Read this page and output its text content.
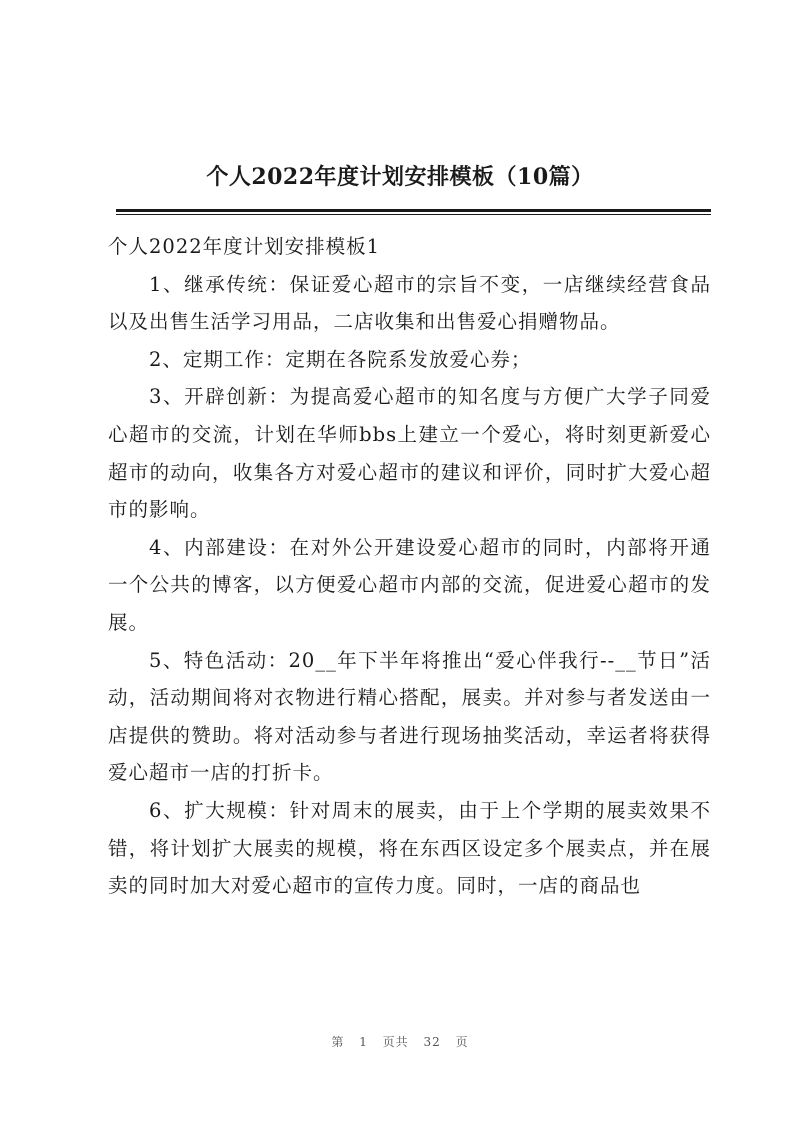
个人2022年度计划安排模板（10篇）

个人2022年度计划安排模板1

1、继承传统：保证爱心超市的宗旨不变，一店继续经营食品以及出售生活学习用品，二店收集和出售爱心捐赠物品。

2、定期工作：定期在各院系发放爱心券；

3、开辟创新：为提高爱心超市的知名度与方便广大学子同爱心超市的交流，计划在华师bbs上建立一个爱心，将时刻更新爱心超市的动向，收集各方对爱心超市的建议和评价，同时扩大爱心超市的影响。

4、内部建设：在对外公开建设爱心超市的同时，内部将开通一个公共的博客，以方便爱心超市内部的交流，促进爱心超市的发展。

5、特色活动：20__年下半年将推出“爱心伴我行--__节日”活动，活动期间将对衣物进行精心搭配，展卖。并对参与者发送由一店提供的赞助。将对活动参与者进行现场抽奖活动，幸运者将获得爱心超市一店的打折卡。

6、扩大规模：针对周末的展卖，由于上个学期的展卖效果不错，将计划扩大展卖的规模，将在东西区设定多个展卖点，并在展卖的同时加大对爱心超市的宣传力度。同时，一店的商品也

第 1 页共 32 页
